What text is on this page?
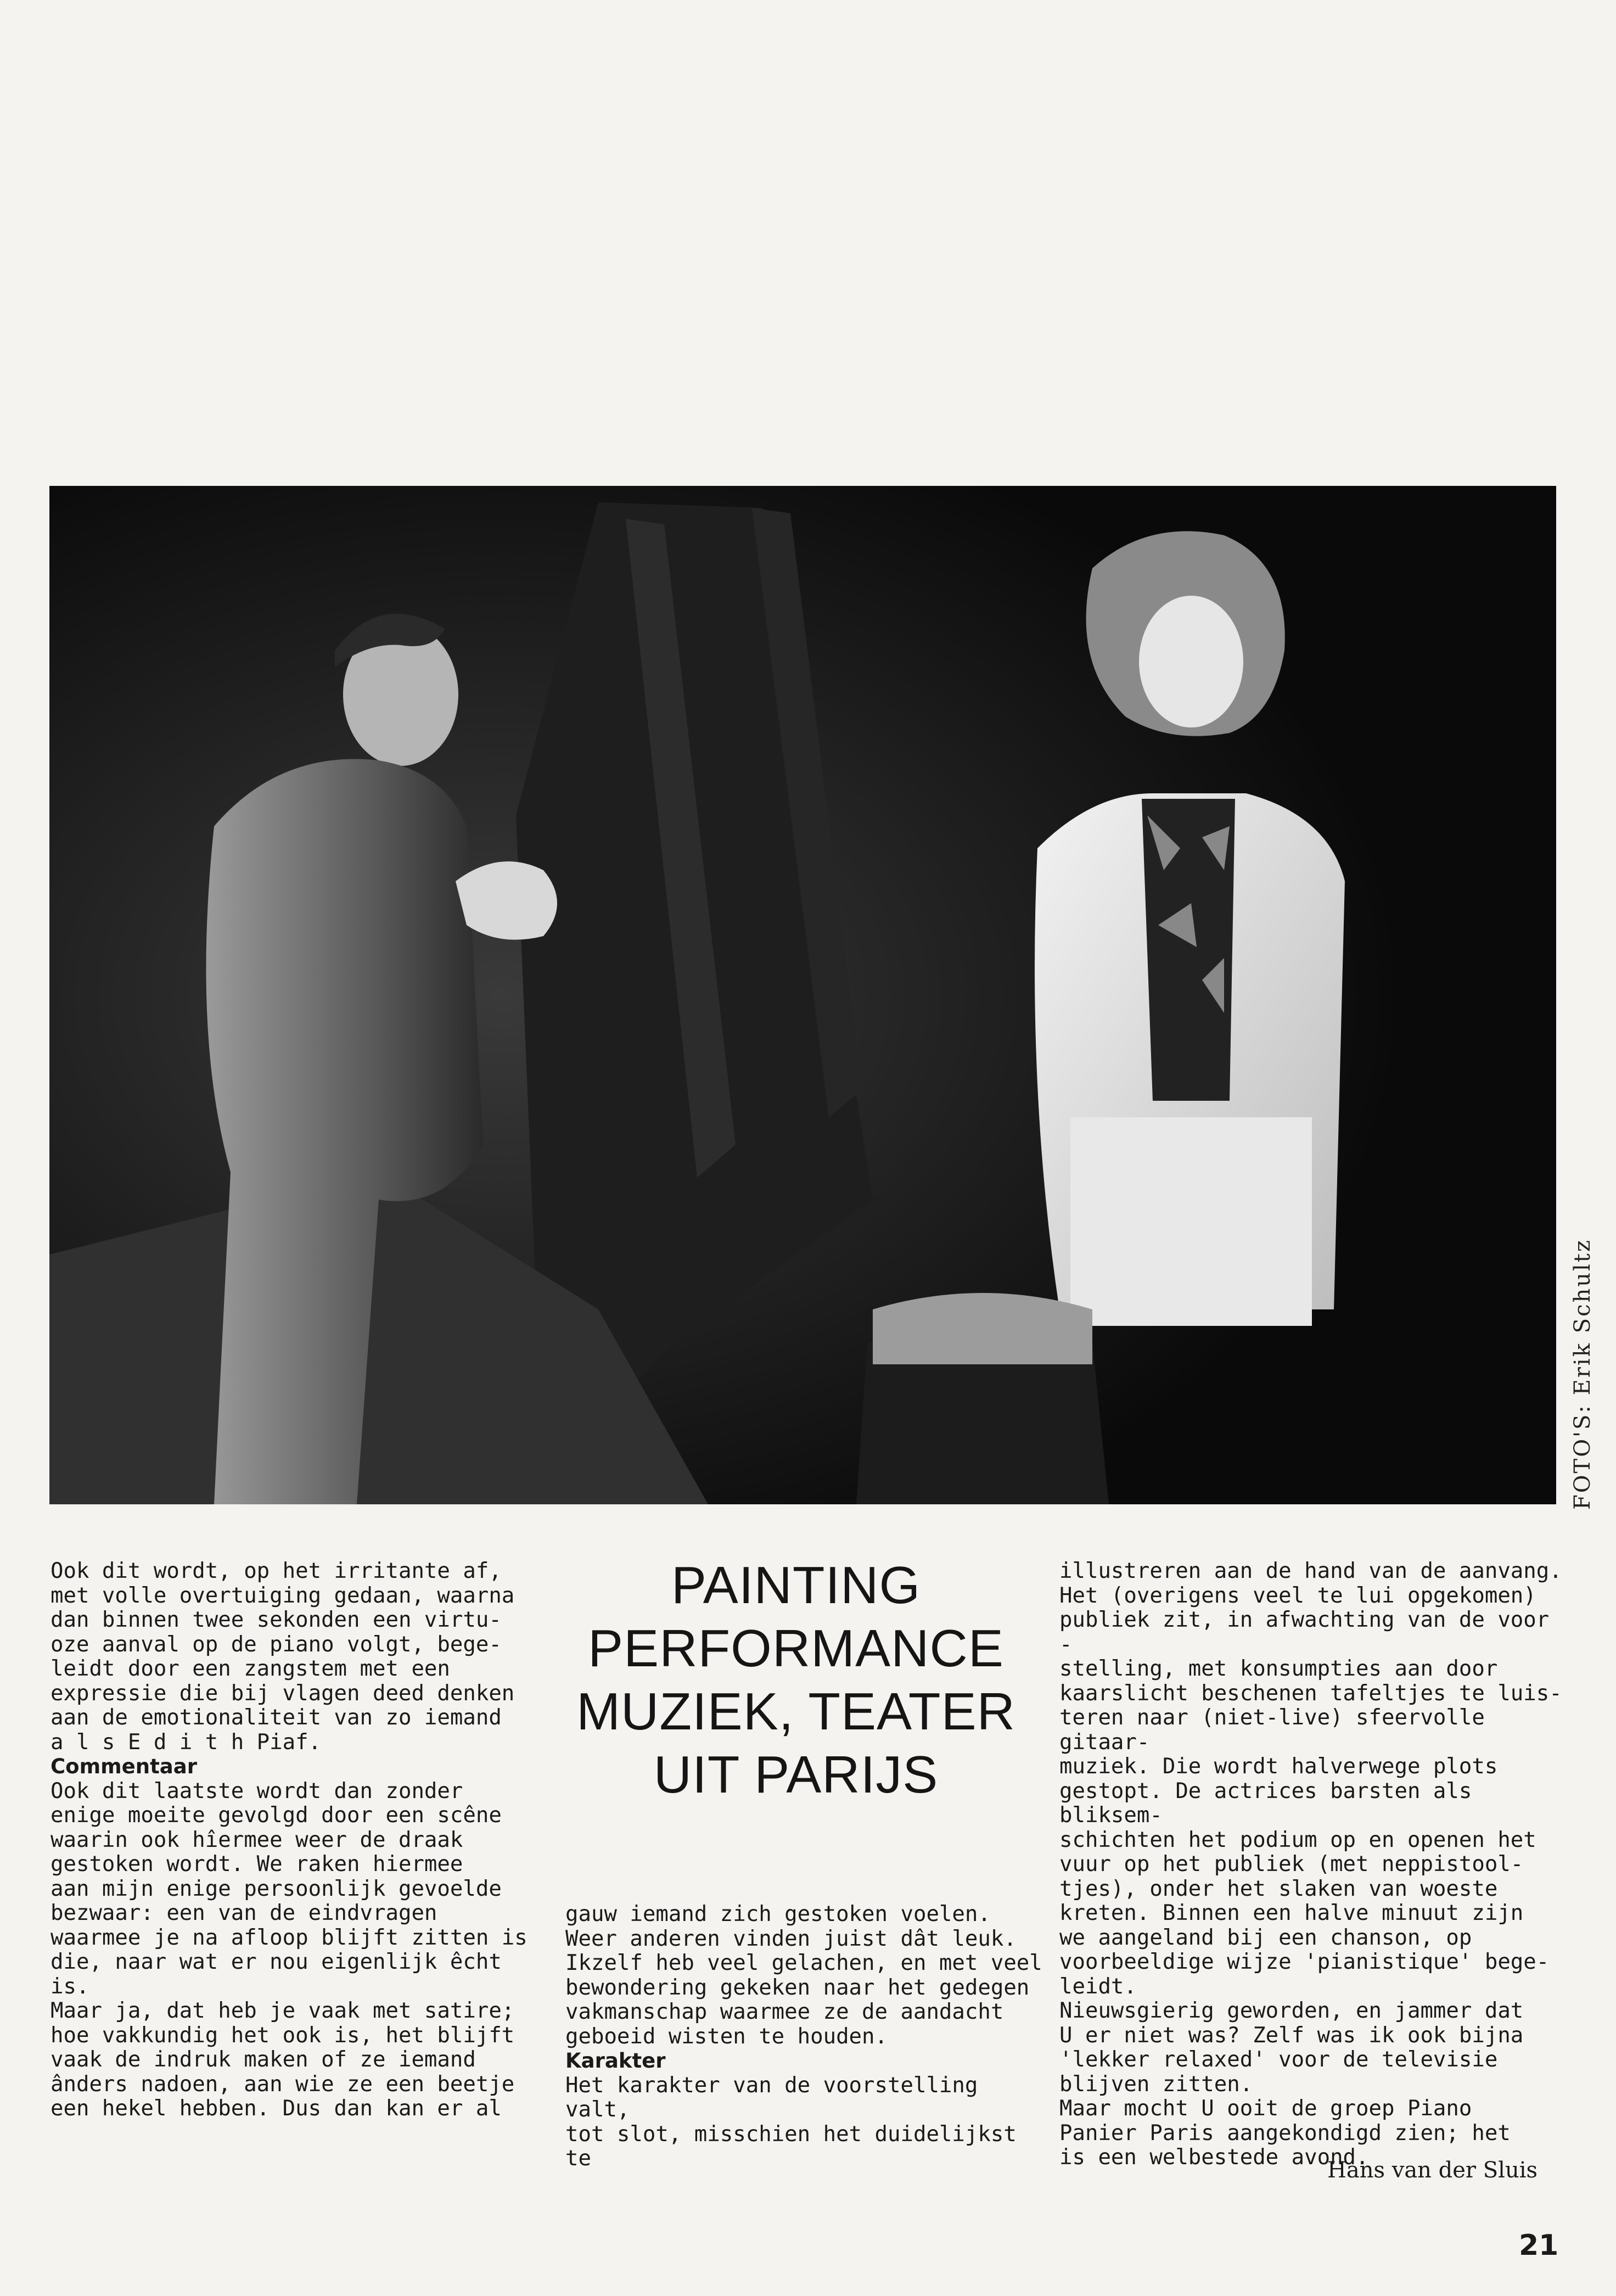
FOTO'S: Erik Schultz

Ook dit wordt, op het irritante af,
met volle overtuiging gedaan, waarna
dan binnen twee sekonden een virtu-
oze aanval op de piano volgt, bege-
leidt door een zangstem met een
expressie die bij vlagen deed denken
aan de emotionaliteit van zo iemand
a l s E d i t h Piaf.

Commentaar

Ook dit laatste wordt dan zonder
enige moeite gevolgd door een scêne
waarin ook hîermee weer de draak
gestoken wordt. We raken hiermee
aan mijn enige persoonlijk gevoelde
bezwaar: een van de eindvragen
waarmee je na afloop blijft zitten is
die, naar wat er nou eigenlijk êcht is.
Maar ja, dat heb je vaak met satire;
hoe vakkundig het ook is, het blijft
vaak de indruk maken of ze iemand
ânders nadoen, aan wie ze een beetje
een hekel hebben. Dus dan kan er al

PAINTING
PERFORMANCE
MUZIEK, TEATER
UIT PARIJS

gauw iemand zich gestoken voelen.
Weer anderen vinden juist dât leuk.
Ikzelf heb veel gelachen, en met veel
bewondering gekeken naar het gedegen
vakmanschap waarmee ze de aandacht
geboeid wisten te houden.

Karakter

Het karakter van de voorstelling valt,
tot slot, misschien het duidelijkst te

illustreren aan de hand van de aanvang.
Het (overigens veel te lui opgekomen)
publiek zit, in afwachting van de voor -
stelling, met konsumpties aan door
kaarslicht beschenen tafeltjes te luis-
teren naar (niet-live) sfeervolle gitaar-
muziek. Die wordt halverwege plots
gestopt. De actrices barsten als bliksem-
schichten het podium op en openen het
vuur op het publiek (met neppistool-
tjes), onder het slaken van woeste
kreten. Binnen een halve minuut zijn
we aangeland bij een chanson, op
voorbeeldige wijze 'pianistique' bege-
leidt.
Nieuwsgierig geworden, en jammer dat
U er niet was? Zelf was ik ook bijna
'lekker relaxed' voor de televisie
blijven zitten.
Maar mocht U ooit de groep Piano
Panier Paris aangekondigd zien; het
is een welbestede avond.

Hans van der Sluis
21
